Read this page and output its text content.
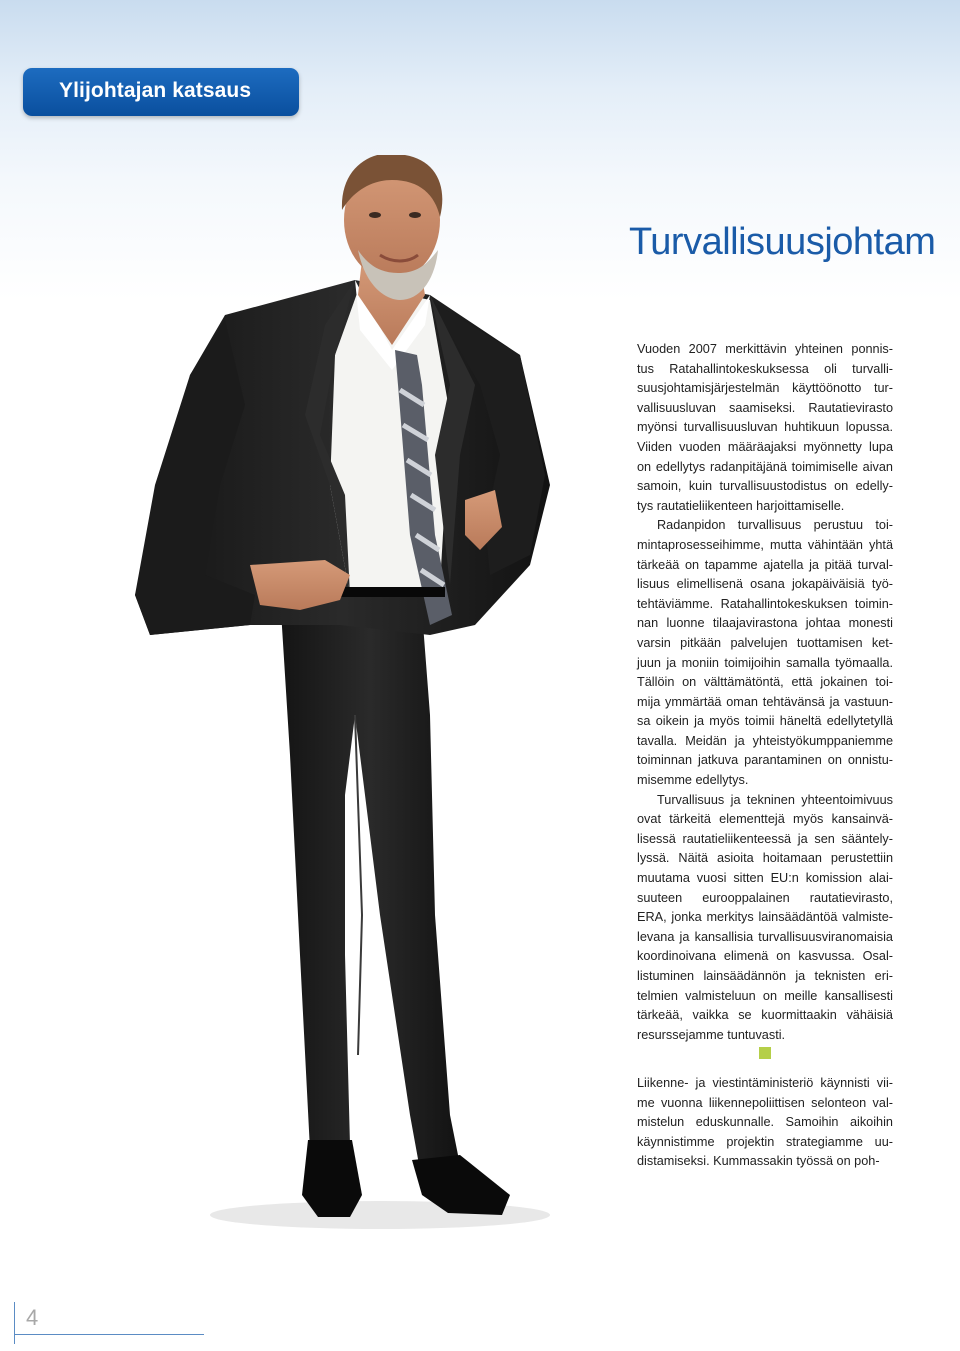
Ylijohtajan katsaus
Turvallisuusjohtam

Vuoden 2007 merkittävin yhteinen ponnis- tus Ratahallintokeskuksessa oli turvalli- suusjohtamisjärjestelmän käyttöönotto tur- vallisuusluvan saamiseksi. Rautatievirasto myönsi turvallisuusluvan huhtikuun lopussa. Viiden vuoden määräajaksi myönnetty lupa on edellytys radanpitäjänä toimimiselle aivan samoin, kuin turvallisuustodistus on edelly- tys rautatieliikenteen harjoittamiselle.

Radanpidon turvallisuus perustuu toi- mintaprosesseihimme, mutta vähintään yhtä tärkeää on tapamme ajatella ja pitää turval- lisuus elimellisenä osana jokapäiväisiä työ- tehtäviämme. Ratahallintokeskuksen toimin- nan luonne tilaajavirastona johtaa monesti varsin pitkään palvelujen tuottamisen ket- juun ja moniin toimijoihin samalla työmaalla. Tällöin on välttämätöntä, että jokainen toi- mija ymmärtää oman tehtävänsä ja vastuun- sa oikein ja myös toimii häneltä edellytetyllä tavalla. Meidän ja yhteistyökumppaniemme toiminnan jatkuva parantaminen on onnistu- misemme edellytys.

Turvallisuus ja tekninen yhteentoimivuus ovat tärkeitä elementtejä myös kansainvä- lisessä rautatieliikenteessä ja sen sääntely- lyssä. Näitä asioita hoitamaan perustettiin muutama vuosi sitten EU:n komission alai- suuteen eurooppalainen rautatievirasto, ERA, jonka merkitys lainsäädäntöä valmiste- levana ja kansallisia turvallisuusviranomaisia koordinoivana elimenä on kasvussa. Osal- listuminen lainsäädännön ja teknisten eri- telmien valmisteluun on meille kansallisesti tärkeää, vaikka se kuormittaakin vähäisiä resurssejamme tuntuvasti.

Liikenne- ja viestintäministeriö käynnisti vii- me vuonna liikennepoliittisen selonteon val- mistelun eduskunnalle. Samoihin aikoihin käynnistimme projektin strategiamme uu- distamiseksi. Kummassakin työssä on poh-

4
